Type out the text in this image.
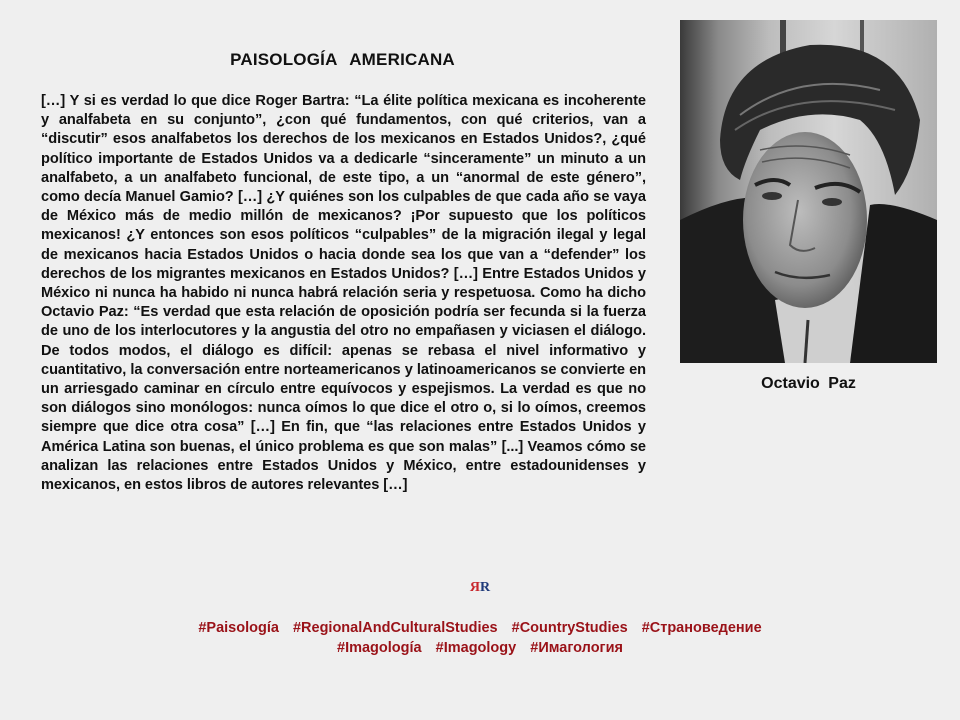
PAISOLOGÍA AMERICANA
[…] Y si es verdad lo que dice Roger Bartra: “La élite política mexicana es incoherente y analfabeta en su conjunto”, ¿con qué fundamentos, con qué criterios, van a “discutir” esos analfabetos los derechos de los mexicanos en Estados Unidos?, ¿qué político importante de Estados Unidos va a dedicarle “sinceramente” un minuto a un analfabeto, a un analfabeto funcional, de este tipo, a un “anormal de este género”, como decía Manuel Gamio? […] ¿Y quiénes son los culpables de que cada año se vaya de México más de medio millón de mexicanos? ¡Por supuesto que los políticos mexicanos! ¿Y entonces son esos políticos “culpables” de la migración ilegal y legal de mexicanos hacia Estados Unidos o hacia donde sea los que van a “defender” los derechos de los migrantes mexicanos en Estados Unidos? […] Entre Estados Unidos y México ni nunca ha habido ni nunca habrá relación seria y respetuosa. Como ha dicho Octavio Paz: “Es verdad que esta relación de oposición podría ser fecunda si la fuerza de uno de los interlocutores y la angustia del otro no empañasen y viciasen el diálogo. De todos modos, el diálogo es difícil: apenas se rebasa el nivel informativo y cuantitativo, la conversación entre norteamericanos y latinoamericanos se convierte en un arriesgado caminar en círculo entre equívocos y espejismos. La verdad es que no son diálogos sino monólogos: nunca oímos lo que dice el otro o, si lo oímos, creemos siempre que dice otra cosa” […] En fin, que “las relaciones entre Estados Unidos y América Latina son buenas, el único problema es que son malas” [...] Veamos cómo se analizan las relaciones entre Estados Unidos y México, entre estadounidenses y mexicanos, en estos libros de autores relevantes […]
Octavio Paz
ЯR
#Paisología #RegionalAndCulturalStudies #CountryStudies #Страноведение
#Imagología #Imagology #Имагология
